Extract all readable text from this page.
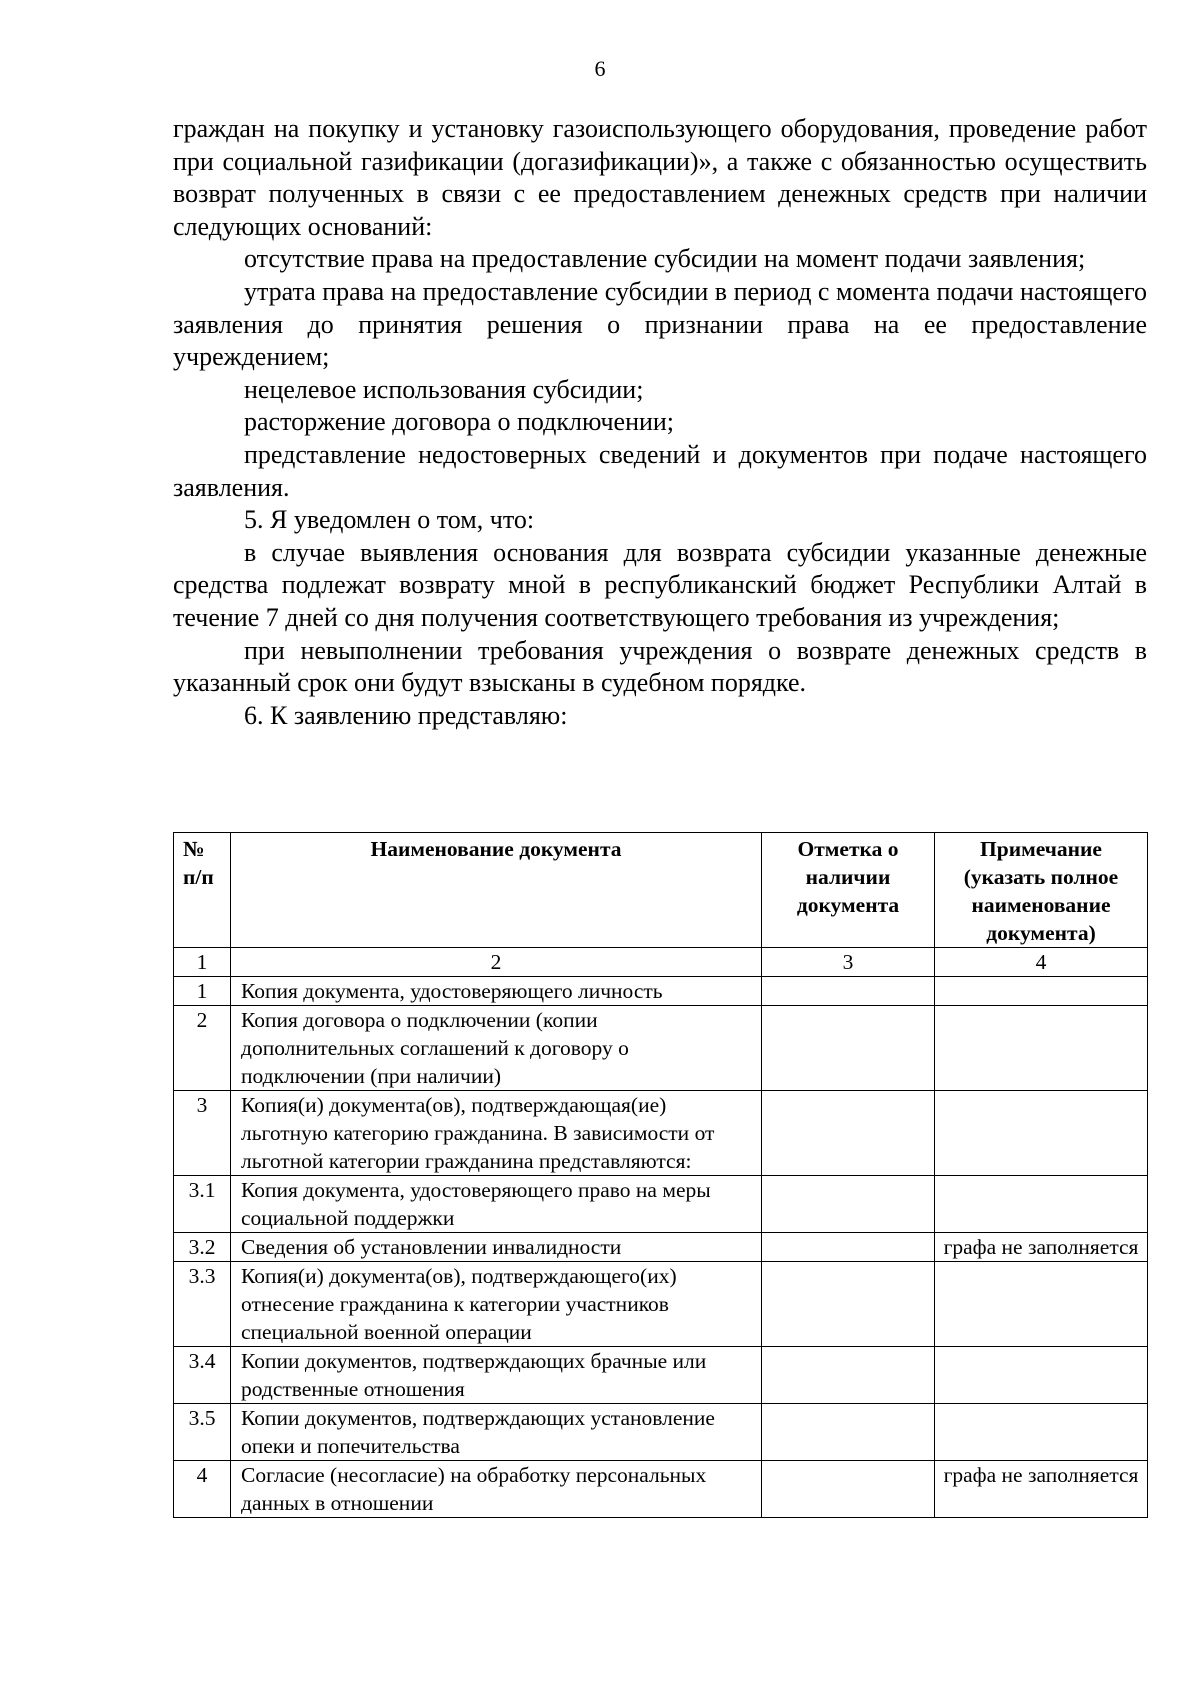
6

граждан на покупку и установку газоиспользующего оборудования, проведение работ при социальной газификации (догазификации)», а также с обязанностью осуществить возврат полученных в связи с ее предоставлением денежных средств при наличии следующих оснований:

отсутствие права на предоставление субсидии на момент подачи заявления;

утрата права на предоставление субсидии в период с момента подачи настоящего заявления до принятия решения о признании права на ее предоставление учреждением;

нецелевое использования субсидии;

расторжение договора о подключении;

представление недостоверных сведений и документов при подаче настоящего заявления.

5. Я уведомлен о том, что:

в случае выявления основания для возврата субсидии указанные денежные средства подлежат возврату мной в республиканский бюджет Республики Алтай в течение 7 дней со дня получения соответствующего требования из учреждения;

при невыполнении требования учреждения о возврате денежных средств в указанный срок они будут взысканы в судебном порядке.

6. К заявлению представляю:

№ п/п	Наименование документа	Отметка о наличии документа	Примечание (указать полное наименование документа)
1	2	3	4
1	Копия документа, удостоверяющего личность		
2	Копия договора о подключении (копии дополнительных соглашений к договору о подключении (при наличии)		
3	Копия(и) документа(ов), подтверждающая(ие) льготную категорию гражданина. В зависимости от льготной категории гражданина представляются:		
3.1	Копия документа, удостоверяющего право на меры социальной поддержки		
3.2	Сведения об установлении инвалидности		графа не заполняется
3.3	Копия(и) документа(ов), подтверждающего(их) отнесение гражданина к категории участников специальной военной операции		
3.4	Копии документов, подтверждающих брачные или родственные отношения		
3.5	Копии документов, подтверждающих установление опеки и попечительства		
4	Согласие (несогласие) на обработку персональных данных в отношении		графа не заполняется
